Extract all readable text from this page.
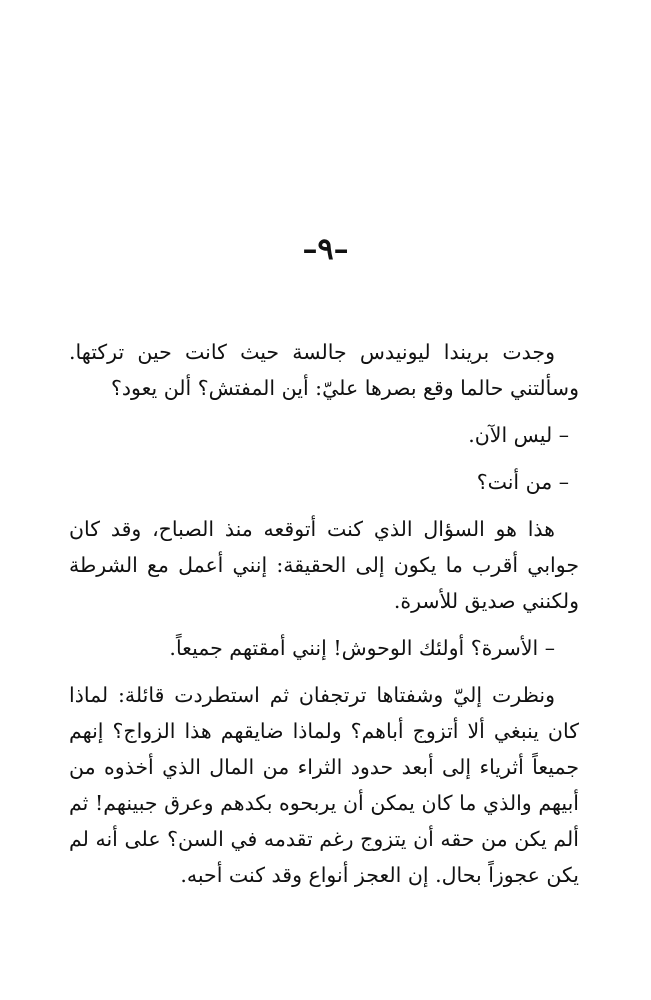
–٩–

وجدت بريندا ليونيدس جالسة حيث كانت حين تركتها. وسألتني حالما وقع بصرها عليّ: أين المفتش؟ ألن يعود؟

– ليس الآن.

– من أنت؟

هذا هو السؤال الذي كنت أتوقعه منذ الصباح، وقد كان جوابي أقرب ما يكون إلى الحقيقة: إنني أعمل مع الشرطة ولكنني صديق للأسرة.

– الأسرة؟ أولئك الوحوش! إنني أمقتهم جميعاً.

ونظرت إليّ وشفتاها ترتجفان ثم استطردت قائلة: لماذا كان ينبغي ألا أتزوج أباهم؟ ولماذا ضايقهم هذا الزواج؟ إنهم جميعاً أثرياء إلى أبعد حدود الثراء من المال الذي أخذوه من أبيهم والذي ما كان يمكن أن يربحوه بكدهم وعرق جبينهم! ثم ألم يكن من حقه أن يتزوج رغم تقدمه في السن؟ على أنه لم يكن عجوزاً بحال. إن العجز أنواع وقد كنت أحبه.
